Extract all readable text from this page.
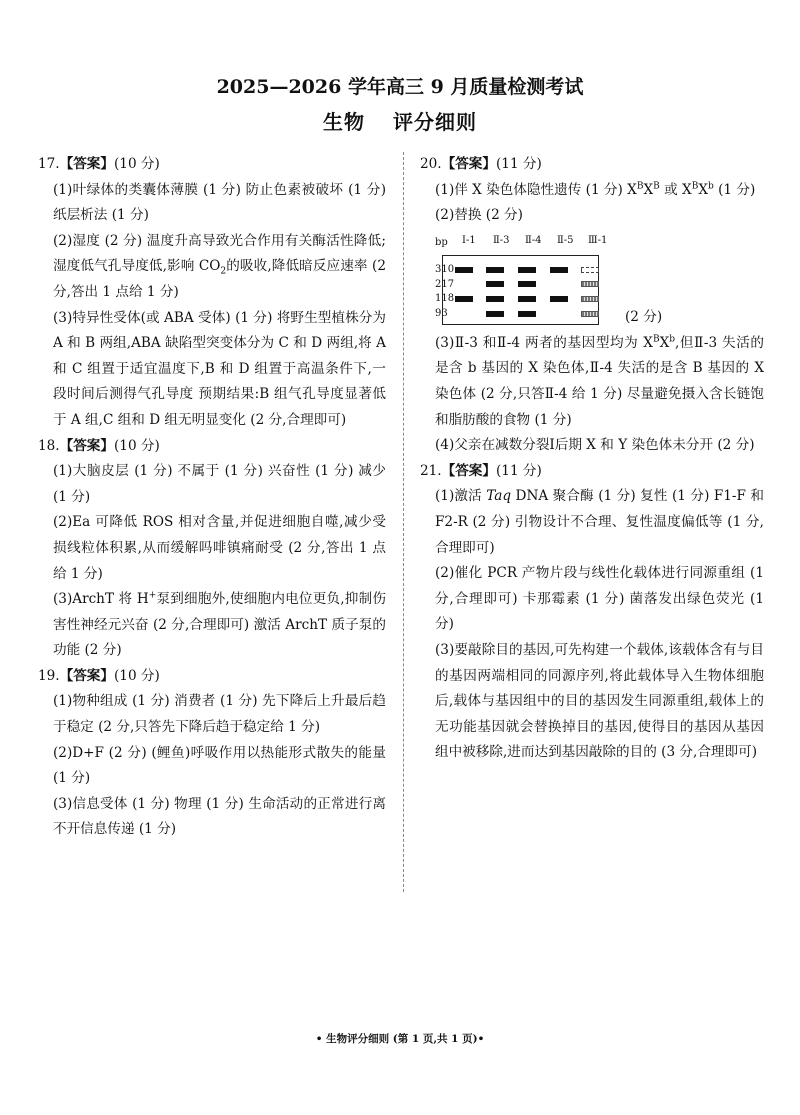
2025—2026 学年高三 9 月质量检测考试
生物 评分细则

17.【答案】(10 分)

(1)叶绿体的类囊体薄膜 (1 分) 防止色素被破坏 (1 分) 纸层析法 (1 分)

(2)湿度 (2 分) 温度升高导致光合作用有关酶活性降低;湿度低气孔导度低,影响 $CO_2$的吸收,降低暗反应速率 (2 分,答出 1 点给 1 分)

(3)特异性受体(或 ABA 受体) (1 分) 将野生型植株分为 A 和 B 两组,ABA 缺陷型突变体分为 C 和 D 两组,将 A 和 C 组置于适宜温度下,B 和 D 组置于高温条件下,一段时间后测得气孔导度 预期结果:B 组气孔导度显著低于 A 组,C 组和 D 组无明显变化 (2 分,合理即可)

18.【答案】(10 分)

(1)大脑皮层 (1 分) 不属于 (1 分) 兴奋性 (1 分) 减少 (1 分)

(2)Ea 可降低 ROS 相对含量,并促进细胞自噬,减少受损线粒体积累,从而缓解吗啡镇痛耐受 (2 分,答出 1 点给 1 分)

(3)ArchT 将 H+泵到细胞外,使细胞内电位更负,抑制伤害性神经元兴奋 (2 分,合理即可) 激活 ArchT 质子泵的功能 (2 分)

19.【答案】(10 分)

(1)物种组成 (1 分) 消费者 (1 分) 先下降后上升最后趋于稳定 (2 分,只答先下降后趋于稳定给 1 分)

(2)D+F (2 分) (鲤鱼)呼吸作用以热能形式散失的能量 (1 分)

(3)信息受体 (1 分) 物理 (1 分) 生命活动的正常进行离不开信息传递 (1 分)

20.【答案】(11 分)

(1)伴 X 染色体隐性遗传 (1 分) $X^BX^B$ 或 $X^BX^b$ (1 分)

(2)替换 (2 分)

bp Ⅰ-1 Ⅱ-3 Ⅱ-4 Ⅱ-5 Ⅲ-1
310
217
118
93	(2 分)

(3)Ⅱ-3 和Ⅱ-4 两者的基因型均为 $X^BX^b$,但Ⅱ-3 失活的是含 b 基因的 X 染色体,Ⅱ-4 失活的是含 B 基因的 X 染色体 (2 分,只答Ⅱ-4 给 1 分) 尽量避免摄入含长链饱和脂肪酸的食物 (1 分)

(4)父亲在减数分裂Ⅰ后期 X 和 Y 染色体未分开 (2 分)

21.【答案】(11 分)

(1)激活 Taq DNA 聚合酶 (1 分) 复性 (1 分) F1-F 和 F2-R (2 分) 引物设计不合理、复性温度偏低等 (1 分,合理即可)

(2)催化 PCR 产物片段与线性化载体进行同源重组 (1 分,合理即可) 卡那霉素 (1 分) 菌落发出绿色荧光 (1 分)

(3)要敲除目的基因,可先构建一个载体,该载体含有与目的基因两端相同的同源序列,将此载体导入生物体细胞后,载体与基因组中的目的基因发生同源重组,载体上的无功能基因就会替换掉目的基因,使得目的基因从基因组中被移除,进而达到基因敲除的目的 (3 分,合理即可)

• 生物评分细则 (第 1 页,共 1 页)•
